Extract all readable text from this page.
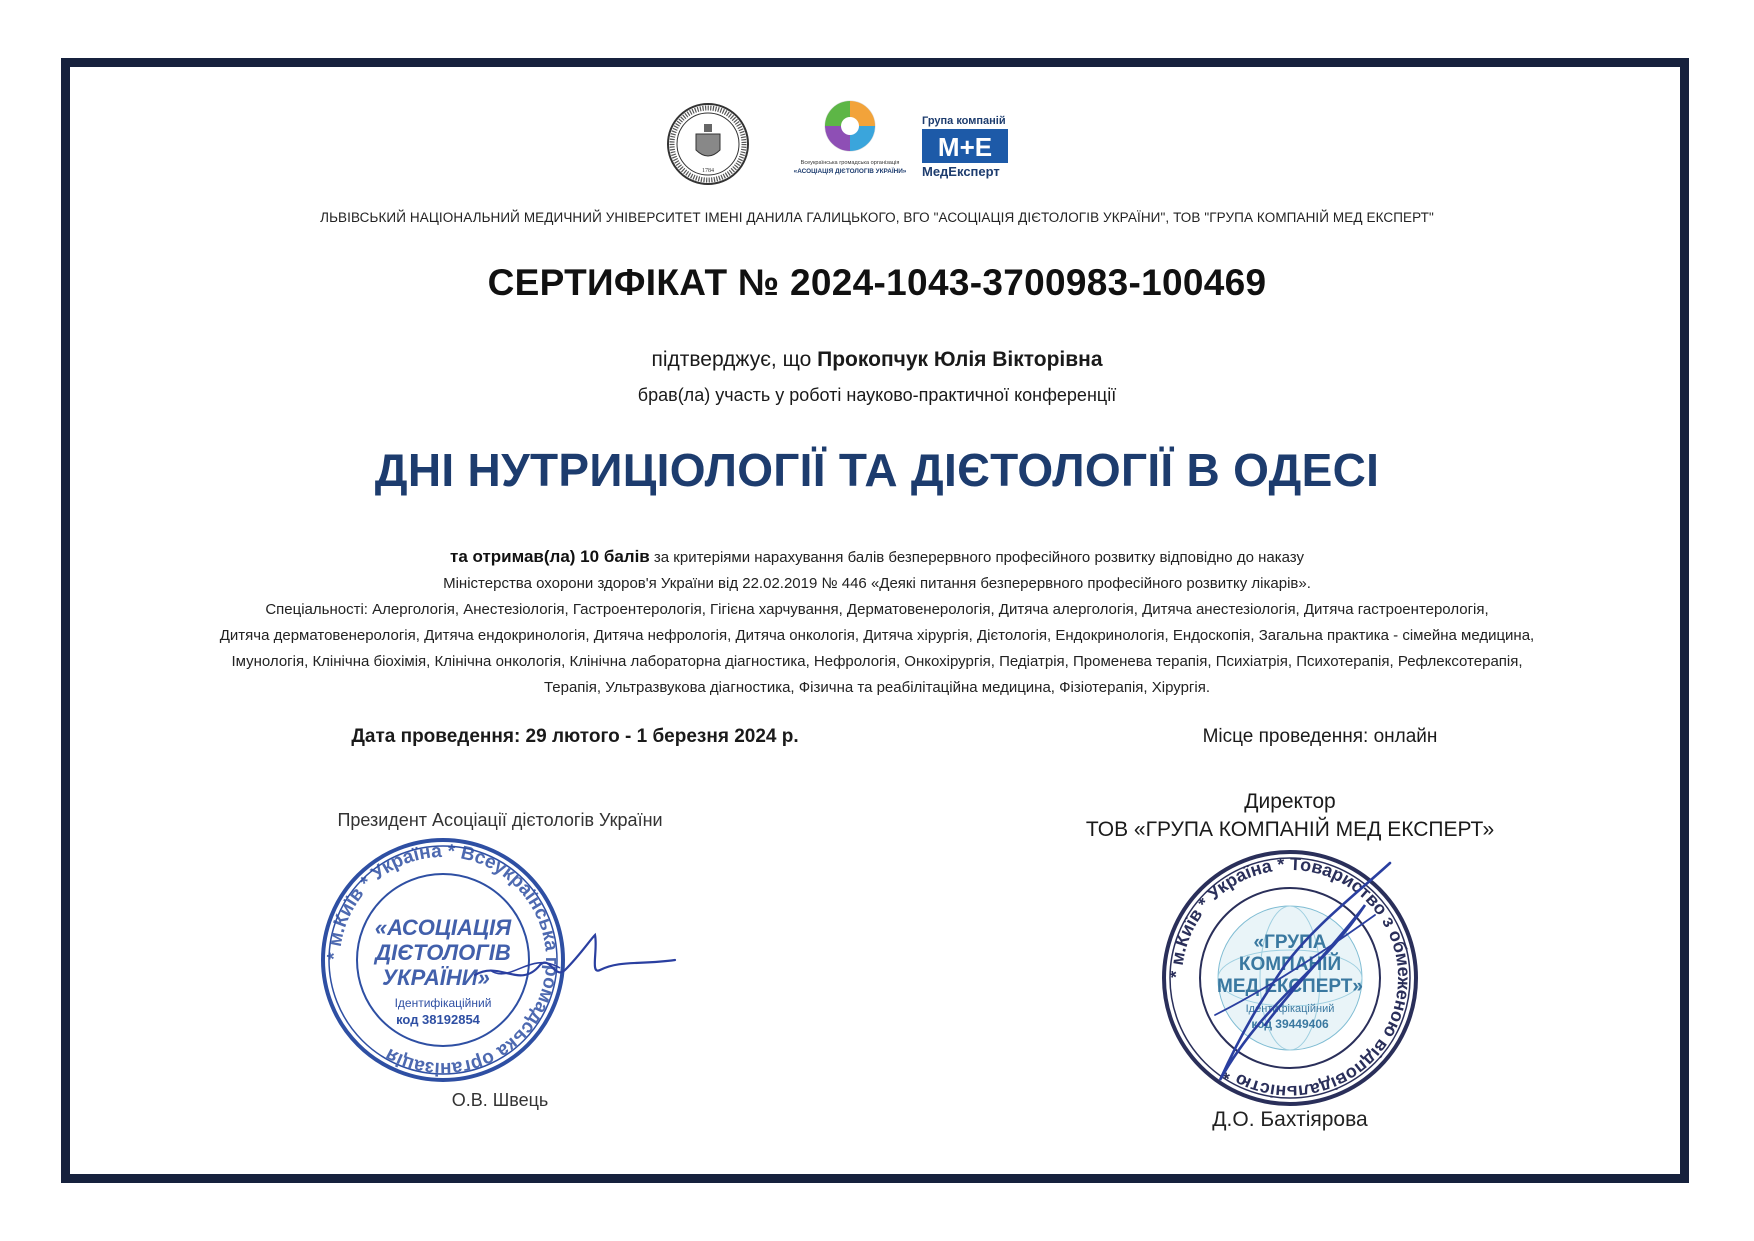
1784
Всеукраїнська громадська організація
«АСОЦІАЦІЯ ДІЄТОЛОГІВ УКРАЇНИ»
Група компаній
М+Е
МедЕксперт
ЛЬВІВСЬКИЙ НАЦІОНАЛЬНИЙ МЕДИЧНИЙ УНІВЕРСИТЕТ ІМЕНІ ДАНИЛА ГАЛИЦЬКОГО, ВГО "АСОЦІАЦІЯ ДІЄТОЛОГІВ УКРАЇНИ", ТОВ "ГРУПА КОМПАНІЙ МЕД ЕКСПЕРТ"
СЕРТИФІКАТ № 2024-1043-3700983-100469
підтверджує, що Прокопчук Юлія Вікторівна
брав(ла) участь у роботі науково-практичної конференції
ДНІ НУТРИЦІОЛОГІЇ ТА ДІЄТОЛОГІЇ В ОДЕСІ
та отримав(ла) 10 балів за критеріями нарахування балів безперервного професійного розвитку відповідно до наказу
Міністерства охорони здоров'я України від 22.02.2019 № 446 «Деякі питання безперервного професійного розвитку лікарів».
Спеціальності: Алергологія, Анестезіологія, Гастроентерологія, Гігієна харчування, Дерматовенерологія, Дитяча алергологія, Дитяча анестезіологія, Дитяча гастроентерологія,
Дитяча дерматовенерологія, Дитяча ендокринологія, Дитяча нефрологія, Дитяча онкологія, Дитяча хірургія, Дієтологія, Ендокринологія, Ендоскопія, Загальна практика - сімейна медицина,
Імунологія, Клінічна біохімія, Клінічна онкологія, Клінічна лабораторна діагностика, Нефрологія, Онкохірургія, Педіатрія, Променева терапія, Психіатрія, Психотерапія, Рефлексотерапія,
Терапія, Ультразвукова діагностика, Фізична та реабілітаційна медицина, Фізіотерапія, Хірургія.
Дата проведення: 29 лютого - 1 березня 2024 р.	Місце проведення: онлайн
Президент Асоціації дієтологів України
Директор
ТОВ «ГРУПА КОМПАНІЙ МЕД ЕКСПЕРТ»
* м.Київ * Україна * Всеукраїнська громадська організація
«АСОЦІАЦІЯ
ДІЄТОЛОГІВ
УКРАЇНИ»
Ідентифікаційний
код 38192854
* м.Київ * Україна * Товариство з обмеженою відповідальністю *
«ГРУПА
КОМПАНІЙ
МЕД ЕКСПЕРТ»
Ідентифікаційний
код 39449406
О.В. Швець
Д.О. Бахтіярова
